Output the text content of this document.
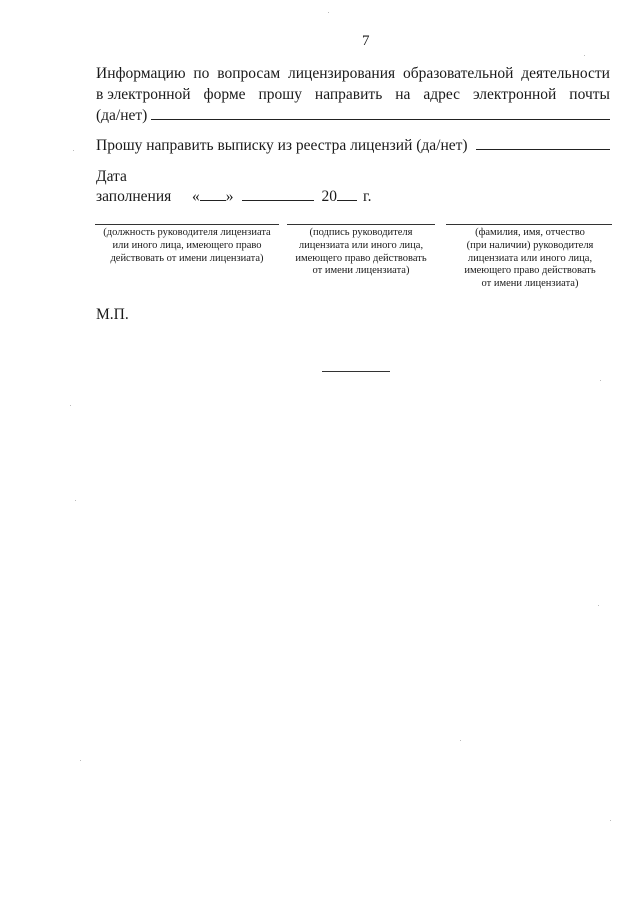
7
Информацию по вопросам лицензирования образовательной деятельности
в электронной форме прошу направить на адрес электронной почты
(да/нет)
Прошу направить выписку из реестра лицензий (да/нет)
Дата
заполнения	« »	20 г.
(должность руководителя лицензиата
или иного лица, имеющего право
действовать от имени лицензиата)
(подпись руководителя
лицензиата или иного лица,
имеющего право действовать
от имени лицензиата)
(фамилия, имя, отчество
(при наличии) руководителя
лицензиата или иного лица,
имеющего право действовать
от имени лицензиата)
М.П.
